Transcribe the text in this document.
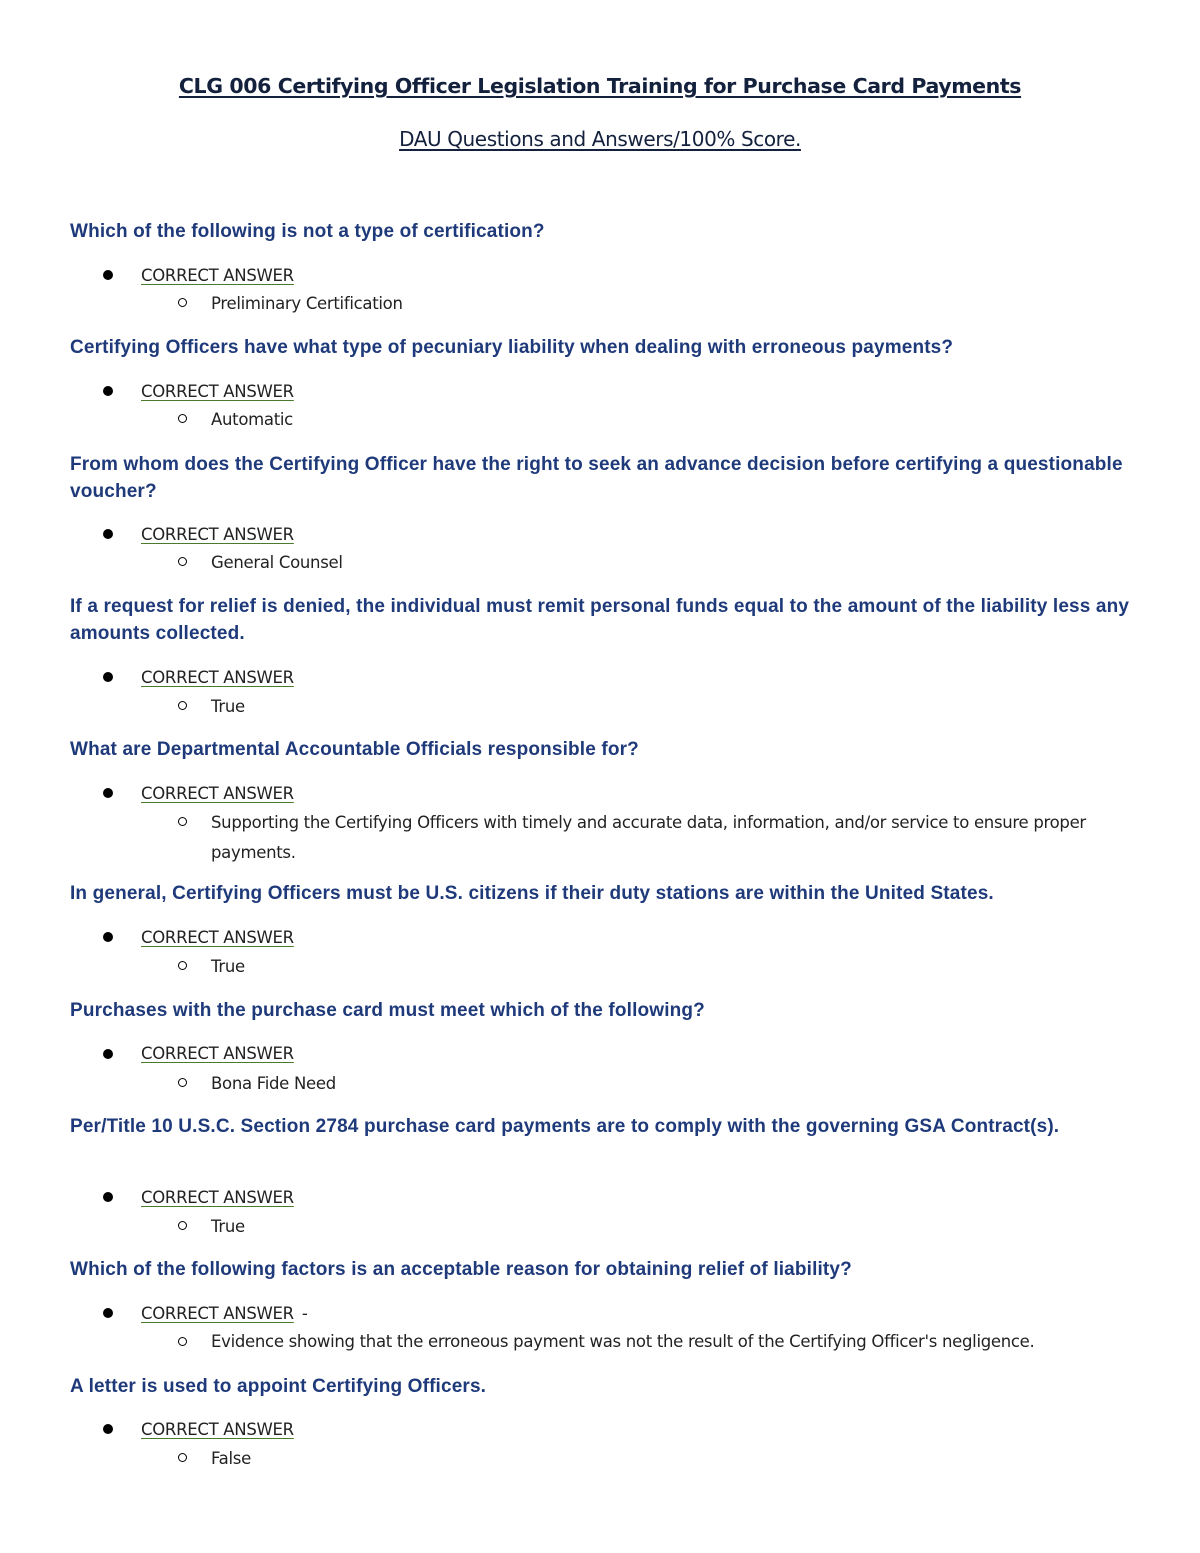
CLG 006 Certifying Officer Legislation Training for Purchase Card Payments
DAU Questions and Answers/100% Score.
Which of the following is not a type of certification?
CORRECT ANSWER
Preliminary Certification
Certifying Officers have what type of pecuniary liability when dealing with erroneous payments?
CORRECT ANSWER
Automatic
From whom does the Certifying Officer have the right to seek an advance decision before certifying a questionable voucher?
CORRECT ANSWER
General Counsel
If a request for relief is denied, the individual must remit personal funds equal to the amount of the liability less any amounts collected.
CORRECT ANSWER
True
What are Departmental Accountable Officials responsible for?
CORRECT ANSWER
Supporting the Certifying Officers with timely and accurate data, information, and/or service to ensure proper payments.
In general, Certifying Officers must be U.S. citizens if their duty stations are within the United States.
CORRECT ANSWER
True
Purchases with the purchase card must meet which of the following?
CORRECT ANSWER
Bona Fide Need
Per/Title 10 U.S.C. Section 2784 purchase card payments are to comply with the governing GSA Contract(s).
CORRECT ANSWER
True
Which of the following factors is an acceptable reason for obtaining relief of liability?
CORRECT ANSWER -
Evidence showing that the erroneous payment was not the result of the Certifying Officer's negligence.
A letter is used to appoint Certifying Officers.
CORRECT ANSWER
False
